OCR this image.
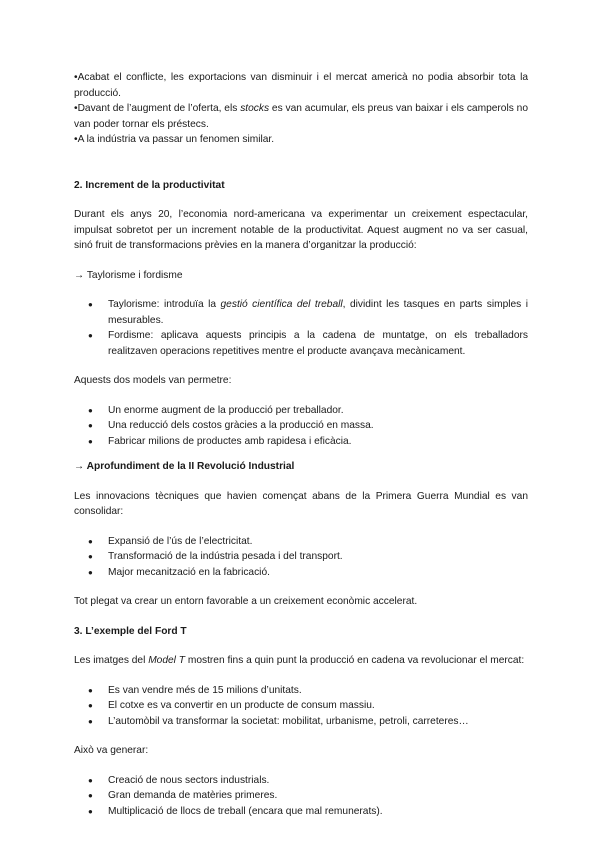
•Acabat el conflicte, les exportacions van disminuir i el mercat americà no podia absorbir tota la producció.

•Davant de l’augment de l’oferta, els stocks es van acumular, els preus van baixar i els camperols no van poder tornar els préstecs.

•A la indústria va passar un fenomen similar.

2. Increment de la productivitat

Durant els anys 20, l’economia nord-americana va experimentar un creixement espectacular, impulsat sobretot per un increment notable de la productivitat. Aquest augment no va ser casual, sinó fruit de transformacions prèvies en la manera d’organitzar la producció:

→ Taylorisme i fordisme

● Taylorisme: introduïa la gestió científica del treball, dividint les tasques en parts simples i mesurables.
● Fordisme: aplicava aquests principis a la cadena de muntatge, on els treballadors realitzaven operacions repetitives mentre el producte avançava mecànicament.

Aquests dos models van permetre:

● Un enorme augment de la producció per treballador.
● Una reducció dels costos gràcies a la producció en massa.
● Fabricar milions de productes amb rapidesa i eficàcia.

→ Aprofundiment de la II Revolució Industrial

Les innovacions tècniques que havien començat abans de la Primera Guerra Mundial es van consolidar:

● Expansió de l’ús de l’electricitat.
● Transformació de la indústria pesada i del transport.
● Major mecanització en la fabricació.

Tot plegat va crear un entorn favorable a un creixement econòmic accelerat.

3. L’exemple del Ford T

Les imatges del Model T mostren fins a quin punt la producció en cadena va revolucionar el mercat:

● Es van vendre més de 15 milions d’unitats.
● El cotxe es va convertir en un producte de consum massiu.
● L’automòbil va transformar la societat: mobilitat, urbanisme, petroli, carreteres…

Això va generar:

● Creació de nous sectors industrials.
● Gran demanda de matèries primeres.
● Multiplicació de llocs de treball (encara que mal remunerats).
